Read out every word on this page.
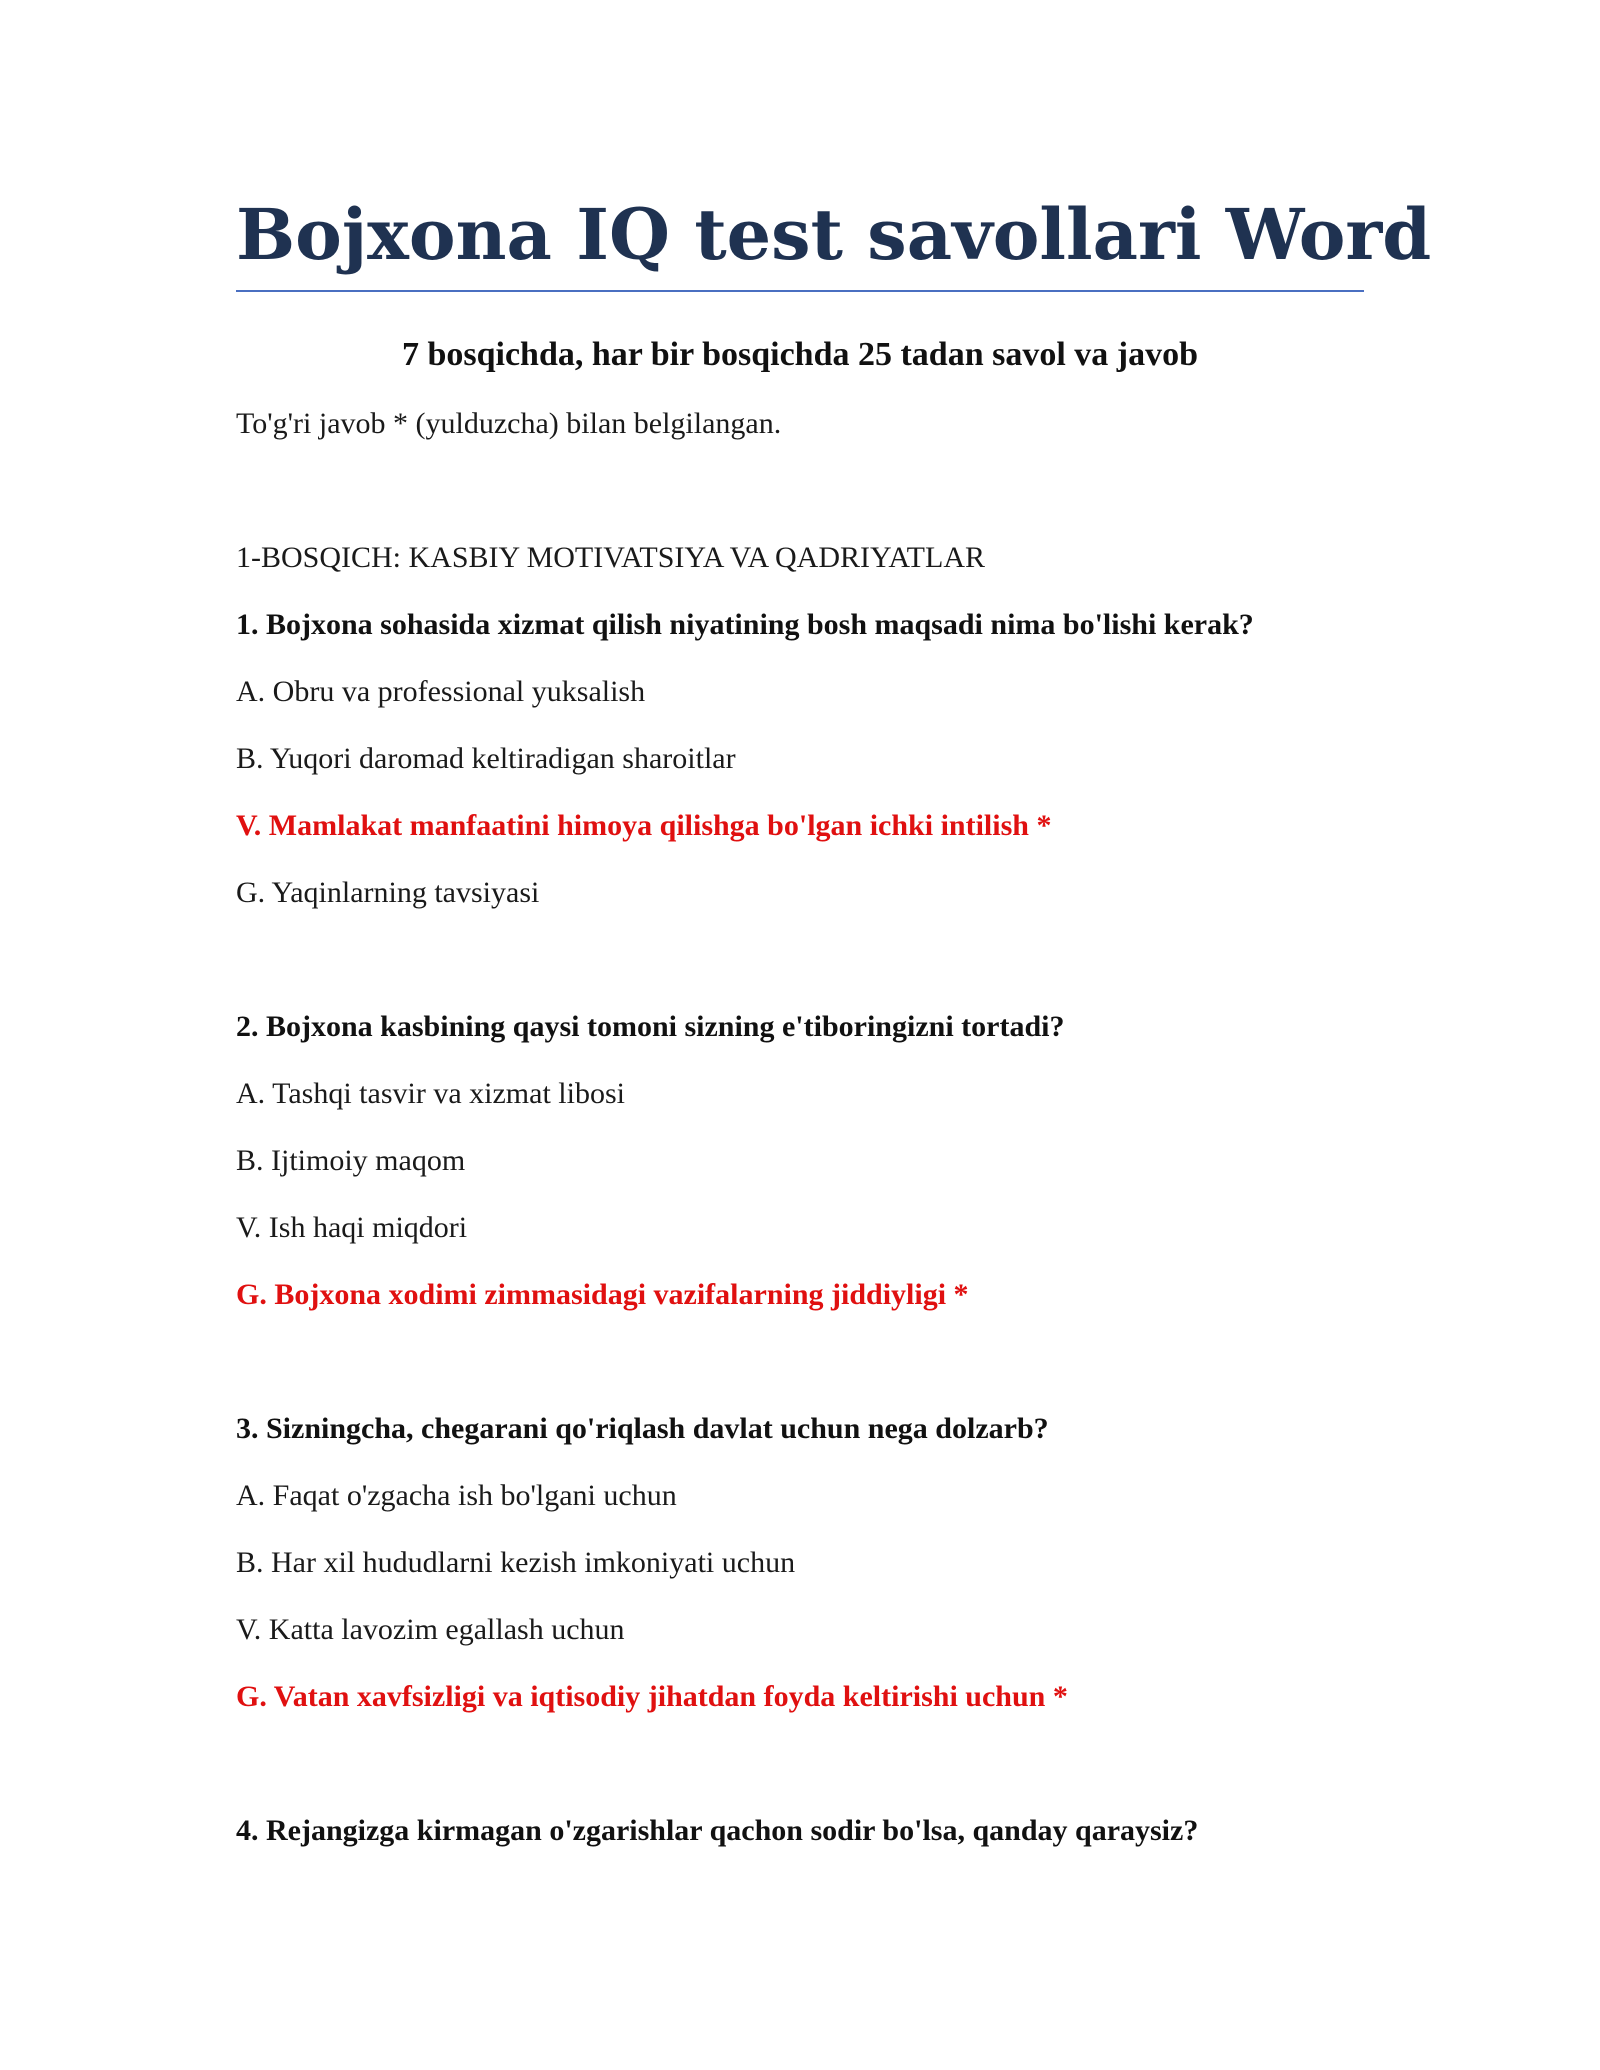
Bojxona IQ test savollari Word
7 bosqichda, har bir bosqichda 25 tadan savol va javob

To'g'ri javob * (yulduzcha) bilan belgilangan.

1-BOSQICH: KASBIY MOTIVATSIYA VA QADRIYATLAR

1. Bojxona sohasida xizmat qilish niyatining bosh maqsadi nima bo'lishi kerak?

A. Obru va professional yuksalish

B. Yuqori daromad keltiradigan sharoitlar

V. Mamlakat manfaatini himoya qilishga bo'lgan ichki intilish *

G. Yaqinlarning tavsiyasi

2. Bojxona kasbining qaysi tomoni sizning e'tiboringizni tortadi?

A. Tashqi tasvir va xizmat libosi

B. Ijtimoiy maqom

V. Ish haqi miqdori

G. Bojxona xodimi zimmasidagi vazifalarning jiddiyligi *

3. Sizningcha, chegarani qo'riqlash davlat uchun nega dolzarb?

A. Faqat o'zgacha ish bo'lgani uchun

B. Har xil hududlarni kezish imkoniyati uchun

V. Katta lavozim egallash uchun

G. Vatan xavfsizligi va iqtisodiy jihatdan foyda keltirishi uchun *

4. Rejangizga kirmagan o'zgarishlar qachon sodir bo'lsa, qanday qaraysiz?
